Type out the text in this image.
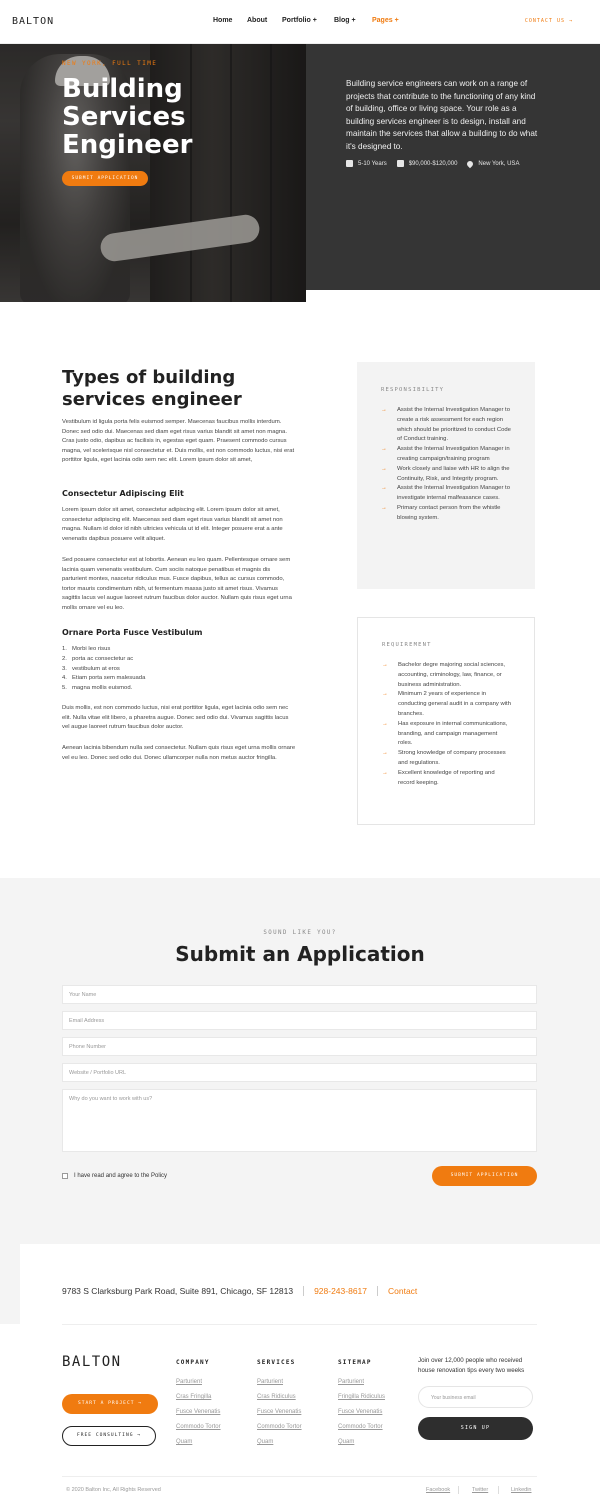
BALTON	Home About Portfolio + Blog + Pages +	CONTACT US →
NEW YORK, FULL TIME
Building Services Engineer
SUBMIT APPLICATION
Building service engineers can work on a range of projects that contribute to the functioning of any kind of building, office or living space. Your role as a building services engineer is to design, install and maintain the services that allow a building to do what it's designed to.
5-10 Years	$90,000-$120,000	New York, USA
Types of building services engineer
Vestibulum id ligula porta felis euismod semper. Maecenas faucibus mollis interdum. Donec sed odio dui. Maecenas sed diam eget risus varius blandit sit amet non magna. Cras justo odio, dapibus ac facilisis in, egestas eget quam. Praesent commodo cursus magna, vel scelerisque nisl consectetur et. Duis mollis, est non commodo luctus, nisi erat porttitor ligula, eget lacinia odio sem nec elit. Lorem ipsum dolor sit amet,
Consectetur Adipiscing Elit
Lorem ipsum dolor sit amet, consectetur adipiscing elit. Lorem ipsum dolor sit amet, consectetur adipiscing elit. Maecenas sed diam eget risus varius blandit sit amet non magna. Nullam id dolor id nibh ultricies vehicula ut id elit. Integer posuere erat a ante venenatis dapibus posuere velit aliquet.
Sed posuere consectetur est at lobortis. Aenean eu leo quam. Pellentesque ornare sem lacinia quam venenatis vestibulum. Cum sociis natoque penatibus et magnis dis parturient montes, nascetur ridiculus mus. Fusce dapibus, tellus ac cursus commodo, tortor mauris condimentum nibh, ut fermentum massa justo sit amet risus. Vivamus sagittis lacus vel augue laoreet rutrum faucibus dolor auctor. Nullam quis risus eget urna mollis ornare vel eu leo.
Ornare Porta Fusce Vestibulum
1. Morbi leo risus
2. porta ac consectetur ac
3. vestibulum at eros
4. Etiam porta sem malesuada
5. magna mollis euismod.
Duis mollis, est non commodo luctus, nisi erat porttitor ligula, eget lacinia odio sem nec elit. Nulla vitae elit libero, a pharetra augue. Donec sed odio dui. Vivamus sagittis lacus vel augue laoreet rutrum faucibus dolor auctor.
Aenean lacinia bibendum nulla sed consectetur. Nullam quis risus eget urna mollis ornare vel eu leo. Donec sed odio dui. Donec ullamcorper nulla non metus auctor fringilla.
RESPONSIBILITY
→ Assist the Internal Investigation Manager to create a risk assessment for each region which should be prioritized to conduct Code of Conduct training.
→ Assist the Internal Investigation Manager in creating campaign/training program
→ Work closely and liaise with HR to align the Continuity, Risk, and Integrity program.
→ Assist the Internal Investigation Manager to investigate internal malfeasance cases.
→ Primary contact person from the whistle blowing system.
REQUIREMENT
→ Bachelor degre majoring social sciences, accounting, criminology, law, finance, or business administration.
→ Minimum 2 years of experience in conducting general audit in a company with branches.
→ Has exposure in internal communications, branding, and campaign management roles.
→ Strong knowledge of company processes and regulations.
→ Excellent knowledge of reporting and record keeping.
SOUND LIKE YOU?
Submit an Application
Your Name
Email Address
Phone Number
Website / Portfolio URL
Why do you want to work with us?
I have read and agree to the Policy	SUBMIT APPLICATION
9783 S Clarksburg Park Road, Suite 891, Chicago, SF 12813 928-243-8617 Contact
BALTON
START A PROJECT →
FREE CONSULTING →
COMPANY
Parturient
Cras Fringilla
Fusce Venenatis
Commodo Tortor
Quam
SERVICES
Parturient
Cras Ridiculus
Fusce Venenatis
Commodo Tortor
Quam
SITEMAP
Parturient
Fringilla Ridiculus
Fusce Venenatis
Commodo Tortor
Quam
Join over 12,000 people who received house renovation tips every two weeks
Your business email
SIGN UP
© 2020 Balton Inc, All Rights Reserved	Facebook	Twitter	Linkedin
